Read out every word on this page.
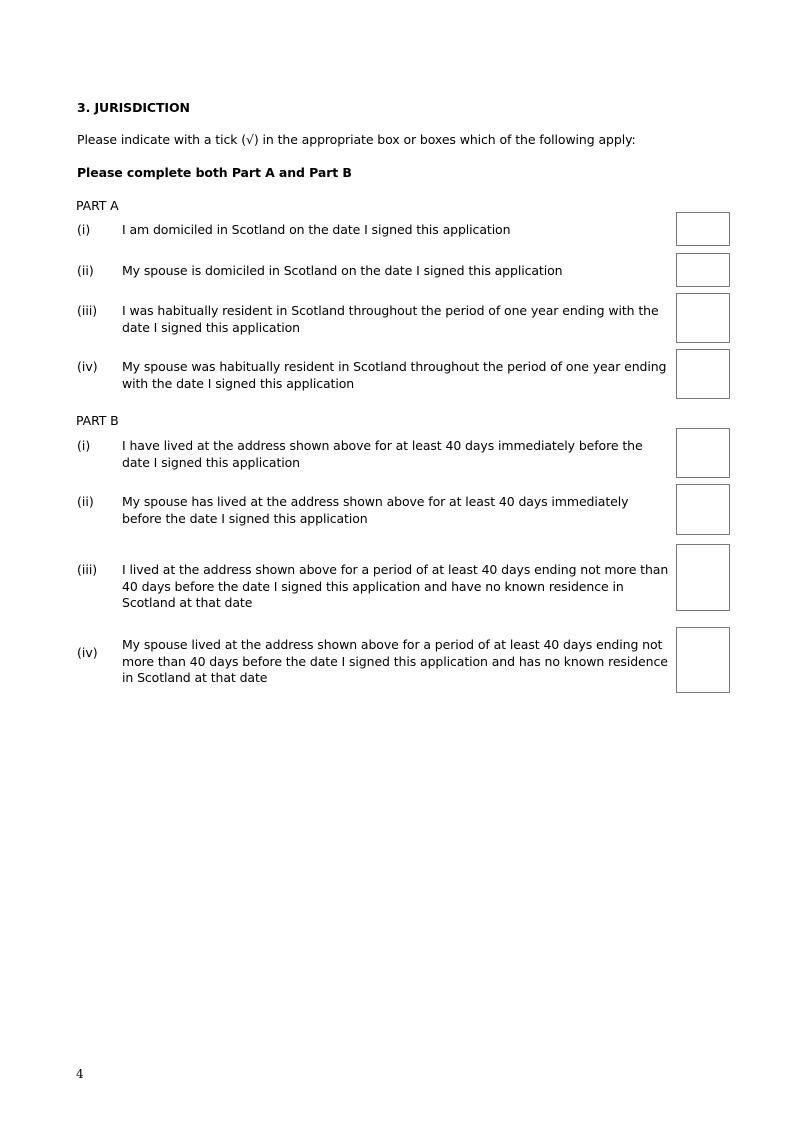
3. JURISDICTION
Please indicate with a tick (√) in the appropriate box or boxes which of the following apply:
Please complete both Part A and Part B
PART A
(i)	I am domiciled in Scotland on the date I signed this application
(ii) My spouse is domiciled in Scotland on the date I signed this application
(iii) I was habitually resident in Scotland throughout the period of one year ending with the date I signed this application
(iv) My spouse was habitually resident in Scotland throughout the period of one year ending with the date I signed this application
PART B
(i)	I have lived at the address shown above for at least 40 days immediately before the date I signed this application
(ii) My spouse has lived at the address shown above for at least 40 days immediately before the date I signed this application
(iii) I lived at the address shown above for a period of at least 40 days ending not more than 40 days before the date I signed this application and have no known residence in Scotland at that date
(iv)
My spouse lived at the address shown above for a period of at least 40 days ending not more than 40 days before the date I signed this application and has no known residence in Scotland at that date
4
